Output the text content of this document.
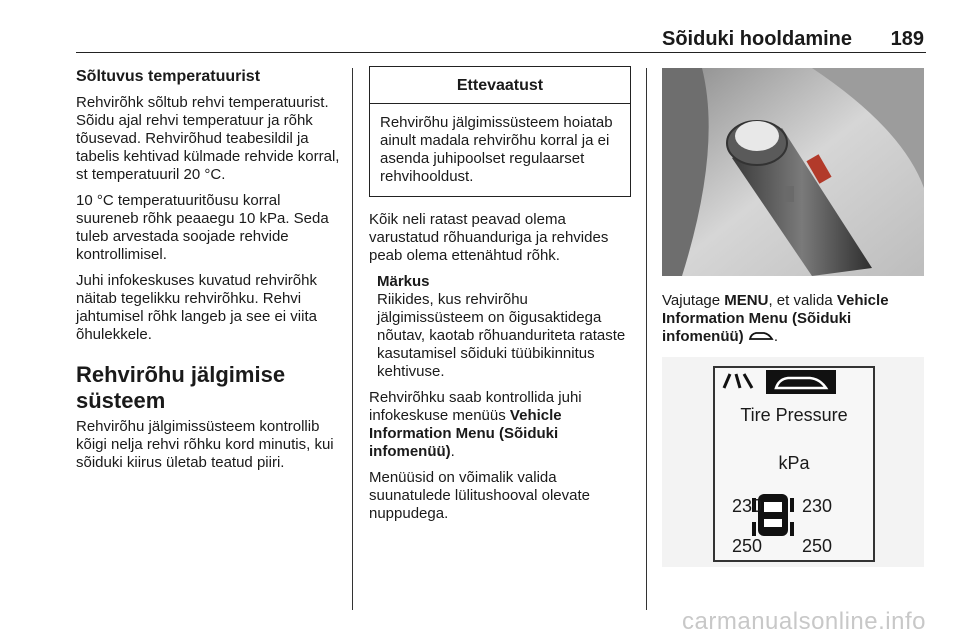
Sõiduki hooldamine 189
Sõltuvus temperatuurist

Rehvirõhk sõltub rehvi temperatuurist. Sõidu ajal rehvi temperatuur ja rõhk tõusevad. Rehvirõhud teabesildil ja tabelis kehtivad külmade rehvide korral, st temperatuuril 20 °C.

10 °C temperatuuritõusu korral suureneb rõhk peaaegu 10 kPa. Seda tuleb arvestada soojade rehvide kontrollimisel.

Juhi infokeskuses kuvatud rehvirõhk näitab tegelikku rehvirõhku. Rehvi jahtumisel rõhk langeb ja see ei viita õhulekkele.

Rehvirõhu jälgimise süsteem

Rehvirõhu jälgimissüsteem kontrollib kõigi nelja rehvi rõhku kord minutis, kui sõiduki kiirus ületab teatud piiri.

Ettevaatust
Rehvirõhu jälgimissüsteem hoiatab ainult madala rehvirõhu korral ja ei asenda juhipoolset regulaarset rehvihooldust.

Kõik neli ratast peavad olema varustatud rõhuanduriga ja rehvides peab olema ettenähtud rõhk.

Märkus
Riikides, kus rehvirõhu jälgimissüsteem on õigusaktidega nõutav, kaotab rõhuanduriteta rataste kasutamisel sõiduki tüübikinnitus kehtivuse.

Rehvirõhku saab kontrollida juhi infokeskuse menüüs Vehicle Information Menu (Sõiduki infomenüü).

Menüüsid on võimalik valida suunatulede lülitushooval olevate nuppudega.

Vajutage MENU, et valida Vehicle Information Menu (Sõiduki infomenüü) .

Tire Pressure
kPa
230 230
250 250
carmanualsonline.info
